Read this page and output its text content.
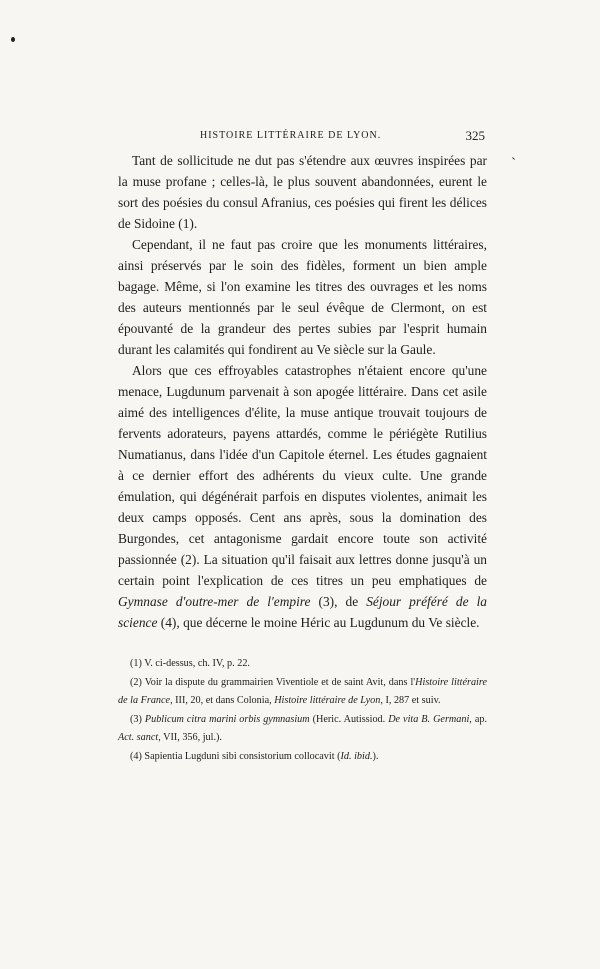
HISTOIRE LITTÉRAIRE DE LYON.	325

Tant de sollicitude ne dut pas s'étendre aux œuvres inspirées par la muse profane ; celles-là, le plus souvent abandonnées, eurent le sort des poésies du consul Afranius, ces poésies qui firent les délices de Sidoine (1).

Cependant, il ne faut pas croire que les monuments littéraires, ainsi préservés par le soin des fidèles, forment un bien ample bagage. Même, si l'on examine les titres des ouvrages et les noms des auteurs mentionnés par le seul évêque de Clermont, on est épouvanté de la grandeur des pertes subies par l'esprit humain durant les calamités qui fondirent au Ve siècle sur la Gaule.

Alors que ces effroyables catastrophes n'étaient encore qu'une menace, Lugdunum parvenait à son apogée littéraire. Dans cet asile aimé des intelligences d'élite, la muse antique trouvait toujours de fervents adorateurs, payens attardés, comme le périégète Rutilius Numatianus, dans l'idée d'un Capitole éternel. Les études gagnaient à ce dernier effort des adhérents du vieux culte. Une grande émulation, qui dégénérait parfois en disputes violentes, animait les deux camps opposés. Cent ans après, sous la domination des Burgondes, cet antagonisme gardait encore toute son activité passionnée (2). La situation qu'il faisait aux lettres donne jusqu'à un certain point l'explication de ces titres un peu emphatiques de Gymnase d'outre-mer de l'empire (3), de Séjour préféré de la science (4), que décerne le moine Héric au Lugdunum du Ve siècle.

(1) V. ci-dessus, ch. IV, p. 22.

(2) Voir la dispute du grammairien Viventiole et de saint Avit, dans l'Histoire littéraire de la France, III, 20, et dans Colonia, Histoire littéraire de Lyon, I, 287 et suiv.

(3) Publicum citra marini orbis gymnasium (Heric. Autissiod. De vita B. Germani, ap. Act. sanct, VII, 356, jul.).

(4) Sapientia Lugduni sibi consistorium collocavit (Id. ibid.).
